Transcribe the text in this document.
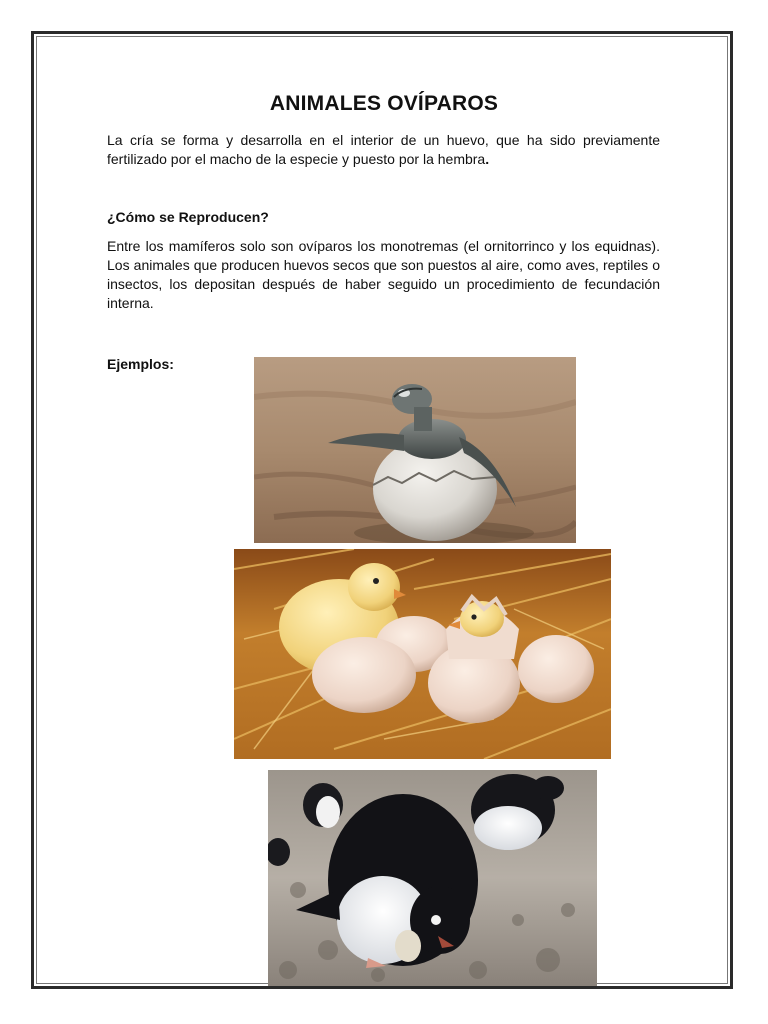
ANIMALES OVÍPAROS

La cría se forma y desarrolla en el interior de un huevo, que ha sido previamente fertilizado por el macho de la especie y puesto por la hembra.

¿Cómo se Reproducen?

Entre los mamíferos solo son ovíparos los monotremas (el ornitorrinco y los equidnas). Los animales que producen huevos secos que son puestos al aire, como aves, reptiles o insectos, los depositan después de haber seguido un procedimiento de fecundación interna.

Ejemplos:
